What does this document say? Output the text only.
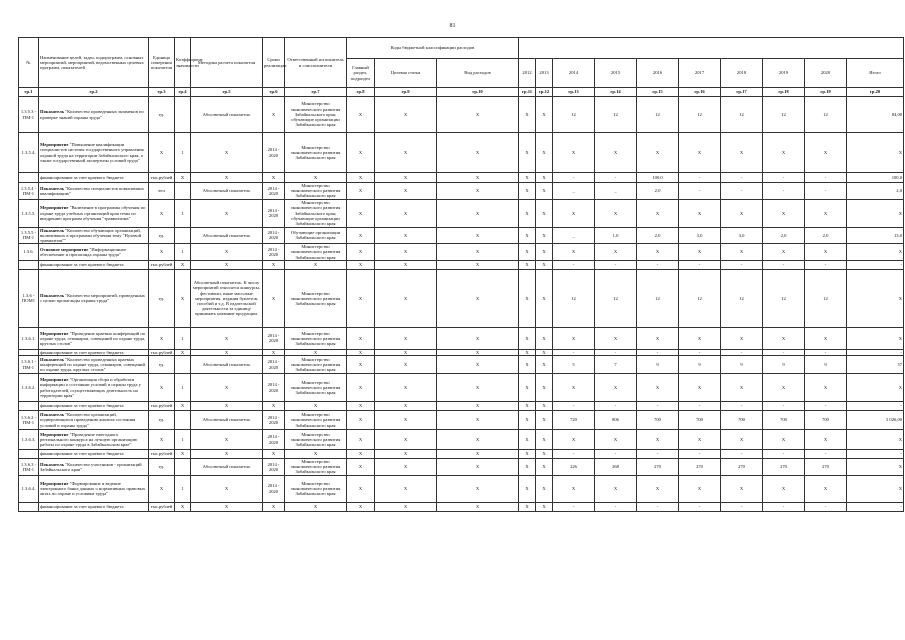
81
№	Наименование целей, задач, подпрограмм, основных мероприятий, мероприятий, ведомственных целевых программ, показателей	Единица измерения показателя	Коэффициент значимости	Методика расчета показателя	Сроки реализации	Ответственный исполнитель и соисполнители	Коды бюджетной классификации расходов												
							Главный раздел, подраздел	Целевая статья	Вид расходов	2012	2013	2014	2015	2016	2017	2018	2019	2020	Итого
гр.1	гр.2	гр.3	гр.4	гр.5	гр.6	гр.7	гр.8	гр.9	гр.10	гр.11	гр.12	гр.13	гр.14	гр.15	гр.16	гр.17	гр.18	гр.19	гр.20
1.3.5.3 - ПМ-1	Показатель "Количество проведенных экзаменов по проверке знаний охраны труда"	ед.		Абсолютный показатель	X	Министерство экономического развития Забайкальского края; обучающие организации Забайкальского края	X	X	X	X	X	12	12	12	12	12	12	12	84,00
1.3.5.4.	Мероприятие "Повышение квалификации специалистов системы государственного управления охраной труда на территории Забайкальского края, а также государственной экспертизы условий труда"	X	1	X	2014 - 2020	Министерство экономического развития Забайкальского края	X	X	X	X	X	X	X	X	X	X	X	X	X
	финансирование за счет краевого бюджета	тыс.рублей	X	X	X	X	X	X	X	X	X	-	-	100,0	-	-	-	-	100,0
1.3.5.4 - ПМ-1	Показатель "Количество специалистов повысивших квалификацию"	чел		Абсолютный показатель	2014 - 2020	Министерство экономического развития Забайкальского края	X	X	X	X	X	_	_	2,0	-	-	-	-	2,0
1.3.5.5.	Мероприятие "Включение в программы обучения по охране труда учебных организаций края темы по внедрению программ обучения "травматизма"	X	1	X	2014 - 2020	Министерство экономического развития Забайкальского края; обучающие организации Забайкальского края	X	X	X	X	X	X	X	X	X	X	X	X	X
1.3.5.5 - ПМ-1	Показатель "Количество обучающих организаций, включивших в программы обучения тему "Нулевой травматизм""	ед.		Абсолютный показатель	2014 - 2020	Обучающие организации Забайкальского края	X	X	X	X	X	_	1,0	2,0	3,0	3,0	2,0	2,0	13,0
1.3.6.	Основное мероприятие "Информационное обеспечение и пропаганда охраны труда"	X	1	X	2014 - 2020	Министерство экономического развития Забайкальского края	X	X	X	X	X	X	X	X	X	X	X	X	X
	финансирование за счет краевого бюджета	тыс.рублей	X	X	X	X	X	X	X	X	X	-	-	-	-	-	-	-	-
1.3.6 - ПОМ1	Показатель "Количество мероприятий, проведенных с целью пропаганды охраны труда"	ед.	X	Абсолютный показатель. К числу мероприятий относятся конкурсы, фестивали, иные массовые мероприятия, издания буклетов, пособий и т.д. В издательской деятельности за единицу принимать название продукции.	X	Министерство экономического развития Забайкальского края	X	X	X	X	X	12	12	12	12	12	12	12	X
1.3.6.1.	Мероприятие "Проведение краевых конференций по охране труда, семинаров, совещаний по охране труда, круглых столов"	X	1	X	2014 - 2020	Министерство экономического развития Забайкальского края	X	X	X	X	X	X	X	X	X	X	X	X	X
	финансирование за счет краевого бюджета	тыс.рублей	X	X	X	X	X	X	X	X	X	-	-	-	-	-	-	-	-
1.3.6.1 - ПМ-1	Показатель "Количество проведенных краевых конференций по охране труда, семинаров, совещаний по охране труда, круглых столов"	ед.		Абсолютный показатель	2014 - 2020	Министерство экономического развития Забайкальского края	X	X	X	X	X	5	7	9	9	9	9	9	57
1.3.6.2.	Мероприятие "Организация сбора и обработки информации о состоянии условий и охраны труда у работодателей, осуществляющих деятельность на территории края"	X	1	X	2014 - 2020	Министерство экономического развития Забайкальского края	X	X	X	X	X	X	X	X	X	X	X	X	X
	финансирование за счет краевого бюджета	тыс.рублей	X	X	X	X	X	X	X	X	X	-	-	-	-	-	-	-	-
1.3.6.2 - ПМ-1	Показатель "Количество организаций, подвергающихся проведению анализа состояния условий и охраны труда"	ед.		Абсолютный показатель	2014 - 2020	Министерство экономического развития Забайкальского края	X	X	X	X	X	720	806	700	700	700	700	700	5 026,00
1.3.6.3.	Мероприятие "Проведение ежегодного регионального конкурса на лучшую организацию работы по охране труда в Забайкальском крае"	X	1	X	2014 - 2020	Министерство экономического развития Забайкальского края	X	X	X	X	X	X	X	X	X	X	X	X	X
	финансирование за счет краевого бюджета	тыс.рублей	X	X	X	X	X	X	X	X	X	-	-	-	-	-	-	-	-
1.3.6.3 - ПМ-1	Показатель "Количество участников - организаций Забайкальского края"	ед.		Абсолютный показатель	2014 - 2020	Министерство экономического развития Забайкальского края	X	X	X	X	X	226	268	270	270	270	270	270	X
1.3.6.4.	Мероприятие "Формирование и ведение электронного банка данных о нормативных правовых актах по охране и условиям труда"	X	1	X	2014 - 2020	Министерство экономического развития Забайкальского края	X	X	X	X	X	X	X	X	X	X	X	X	X
	финансирование за счет краевого бюджета	тыс.рублей	X	X	X	X	X	X	X	X	X	-	-	-	-	-	-	-	-
